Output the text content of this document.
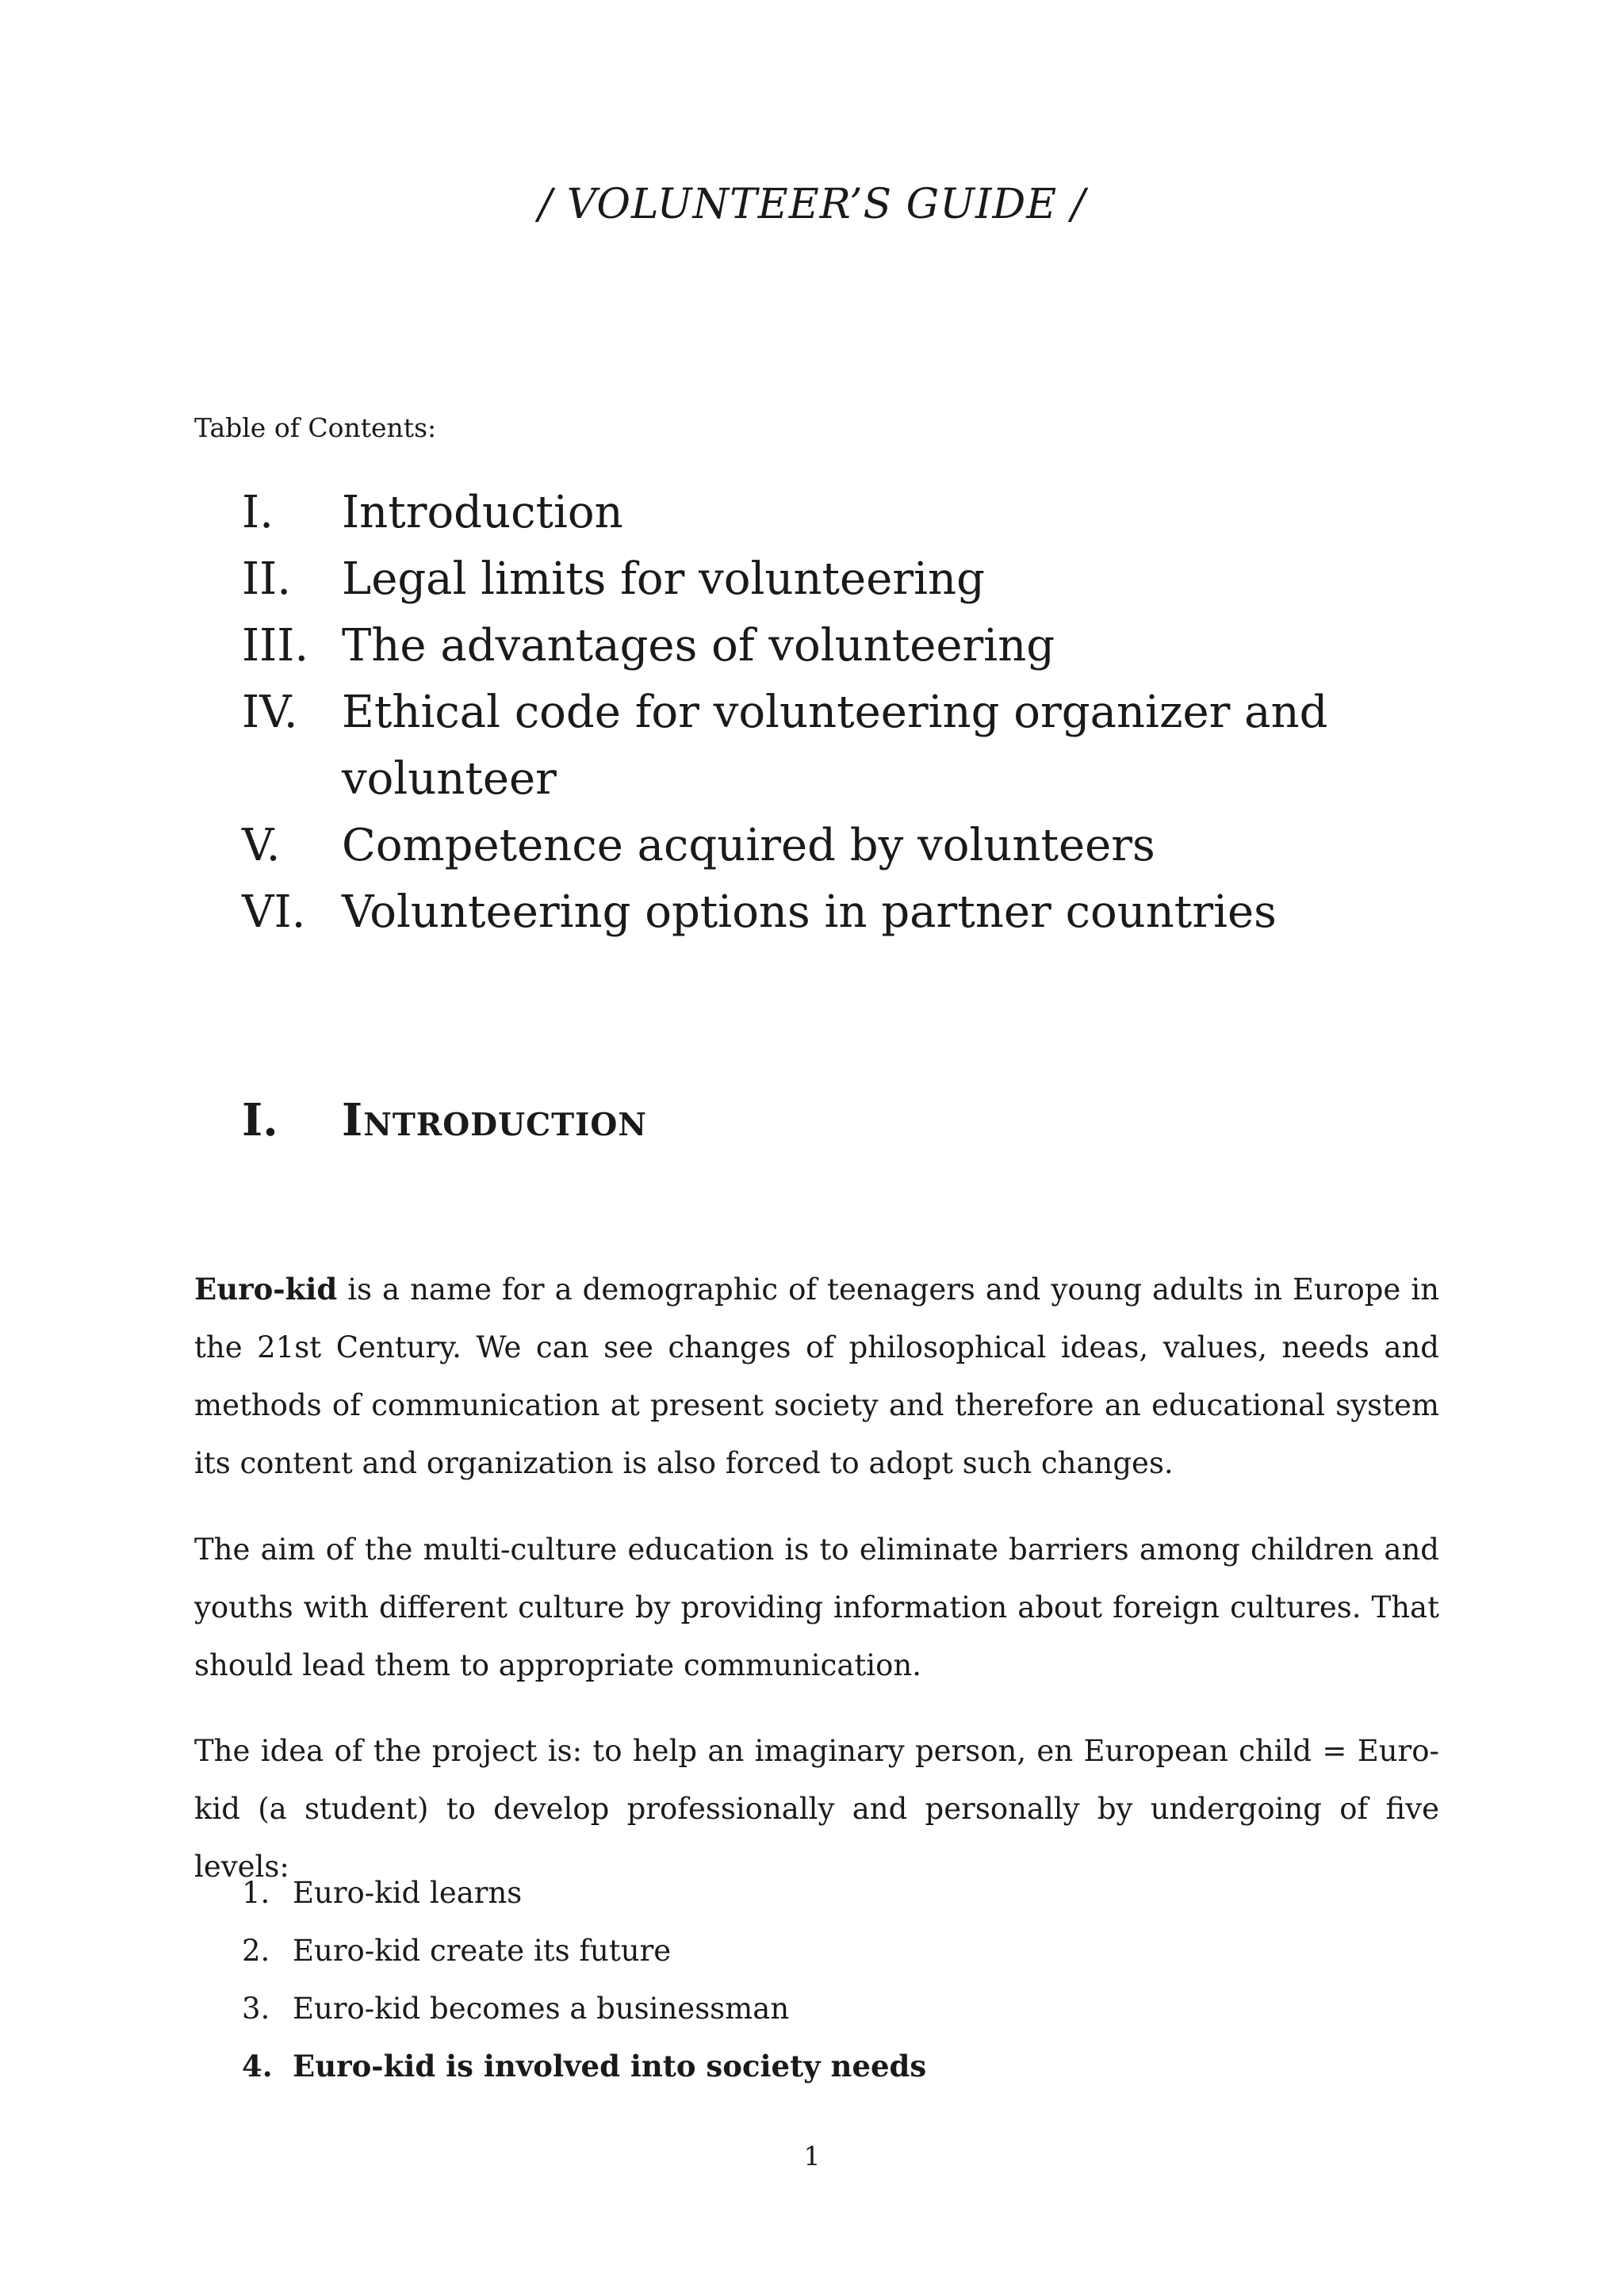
/ VOLUNTEER’S GUIDE /
Table of Contents:
I.	Introduction
II.	Legal limits for volunteering
III. The advantages of volunteering
IV. Ethical code for volunteering organizer and volunteer
V.	Competence acquired by volunteers
VI. Volunteering options in partner countries
I.	Introduction
Euro-kid is a name for a demographic of teenagers and young adults in Europe in the 21st Century. We can see changes of philosophical ideas, values, needs and methods of communication at present society and therefore an educational system its content and organization is also forced to adopt such changes.
The aim of the multi-culture education is to eliminate barriers among children and youths with different culture by providing information about foreign cultures. That should lead them to appropriate communication.
The idea of the project is: to help an imaginary person, en European child = Euro-kid (a student) to develop professionally and personally by undergoing of five levels:
1. Euro-kid learns
2. Euro-kid create its future
3. Euro-kid becomes a businessman
4. Euro-kid is involved into society needs
1
